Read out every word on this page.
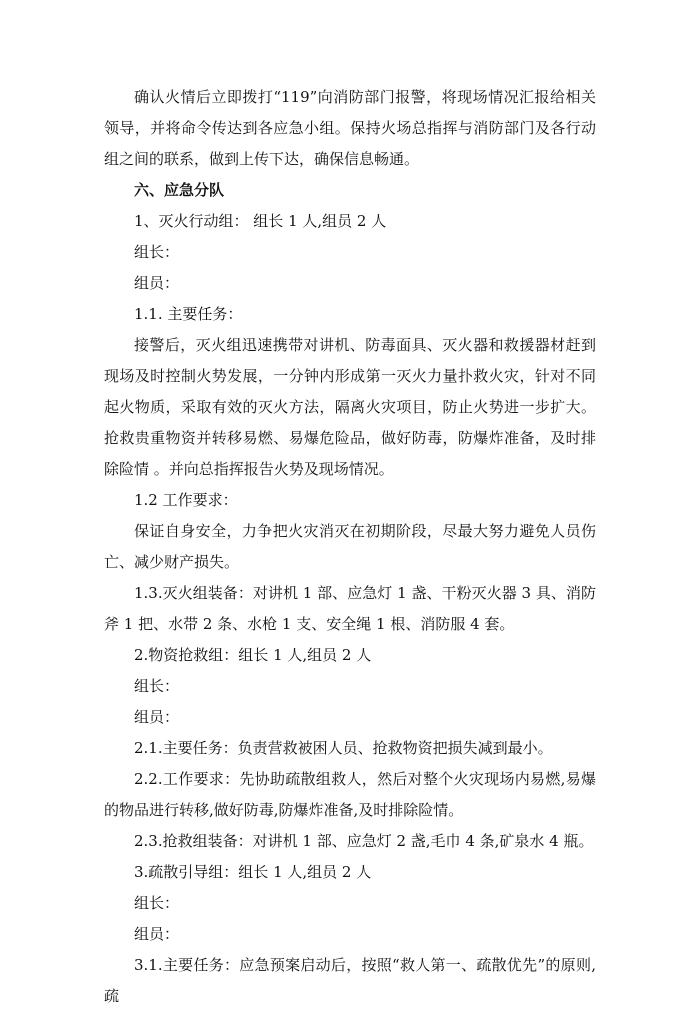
确认火情后立即拨打“119”向消防部门报警，将现场情况汇报给相关领导，并将命令传达到各应急小组。保持火场总指挥与消防部门及各行动组之间的联系，做到上传下达，确保信息畅通。

六、应急分队

1、灭火行动组： 组长 1 人,组员 2 人

组长：

组员：

1.1. 主要任务：

接警后，灭火组迅速携带对讲机、防毒面具、灭火器和救援器材赶到现场及时控制火势发展，一分钟内形成第一灭火力量扑救火灾，针对不同起火物质，采取有效的灭火方法，隔离火灾项目，防止火势进一步扩大。抢救贵重物资并转移易燃、易爆危险品，做好防毒，防爆炸准备，及时排除险情 。并向总指挥报告火势及现场情况。

1.2 工作要求：

保证自身安全，力争把火灾消灭在初期阶段，尽最大努力避免人员伤亡、减少财产损失。

1.3.灭火组装备：对讲机 1 部、应急灯 1 盏、干粉灭火器 3 具、消防斧 1 把、水带 2 条、水枪 1 支、安全绳 1 根、消防服 4 套。

2.物资抢救组：组长 1 人,组员 2 人

组长：

组员：

2.1.主要任务：负责营救被困人员、抢救物资把损失减到最小。

2.2.工作要求：先协助疏散组救人，然后对整个火灾现场内易燃,易爆的物品进行转移,做好防毒,防爆炸准备,及时排除险情。

2.3.抢救组装备：对讲机 1 部、应急灯 2 盏,毛巾 4 条,矿泉水 4 瓶。

3.疏散引导组：组长 1 人,组员 2 人

组长：

组员：

3.1.主要任务：应急预案启动后，按照“救人第一、疏散优先”的原则,疏
